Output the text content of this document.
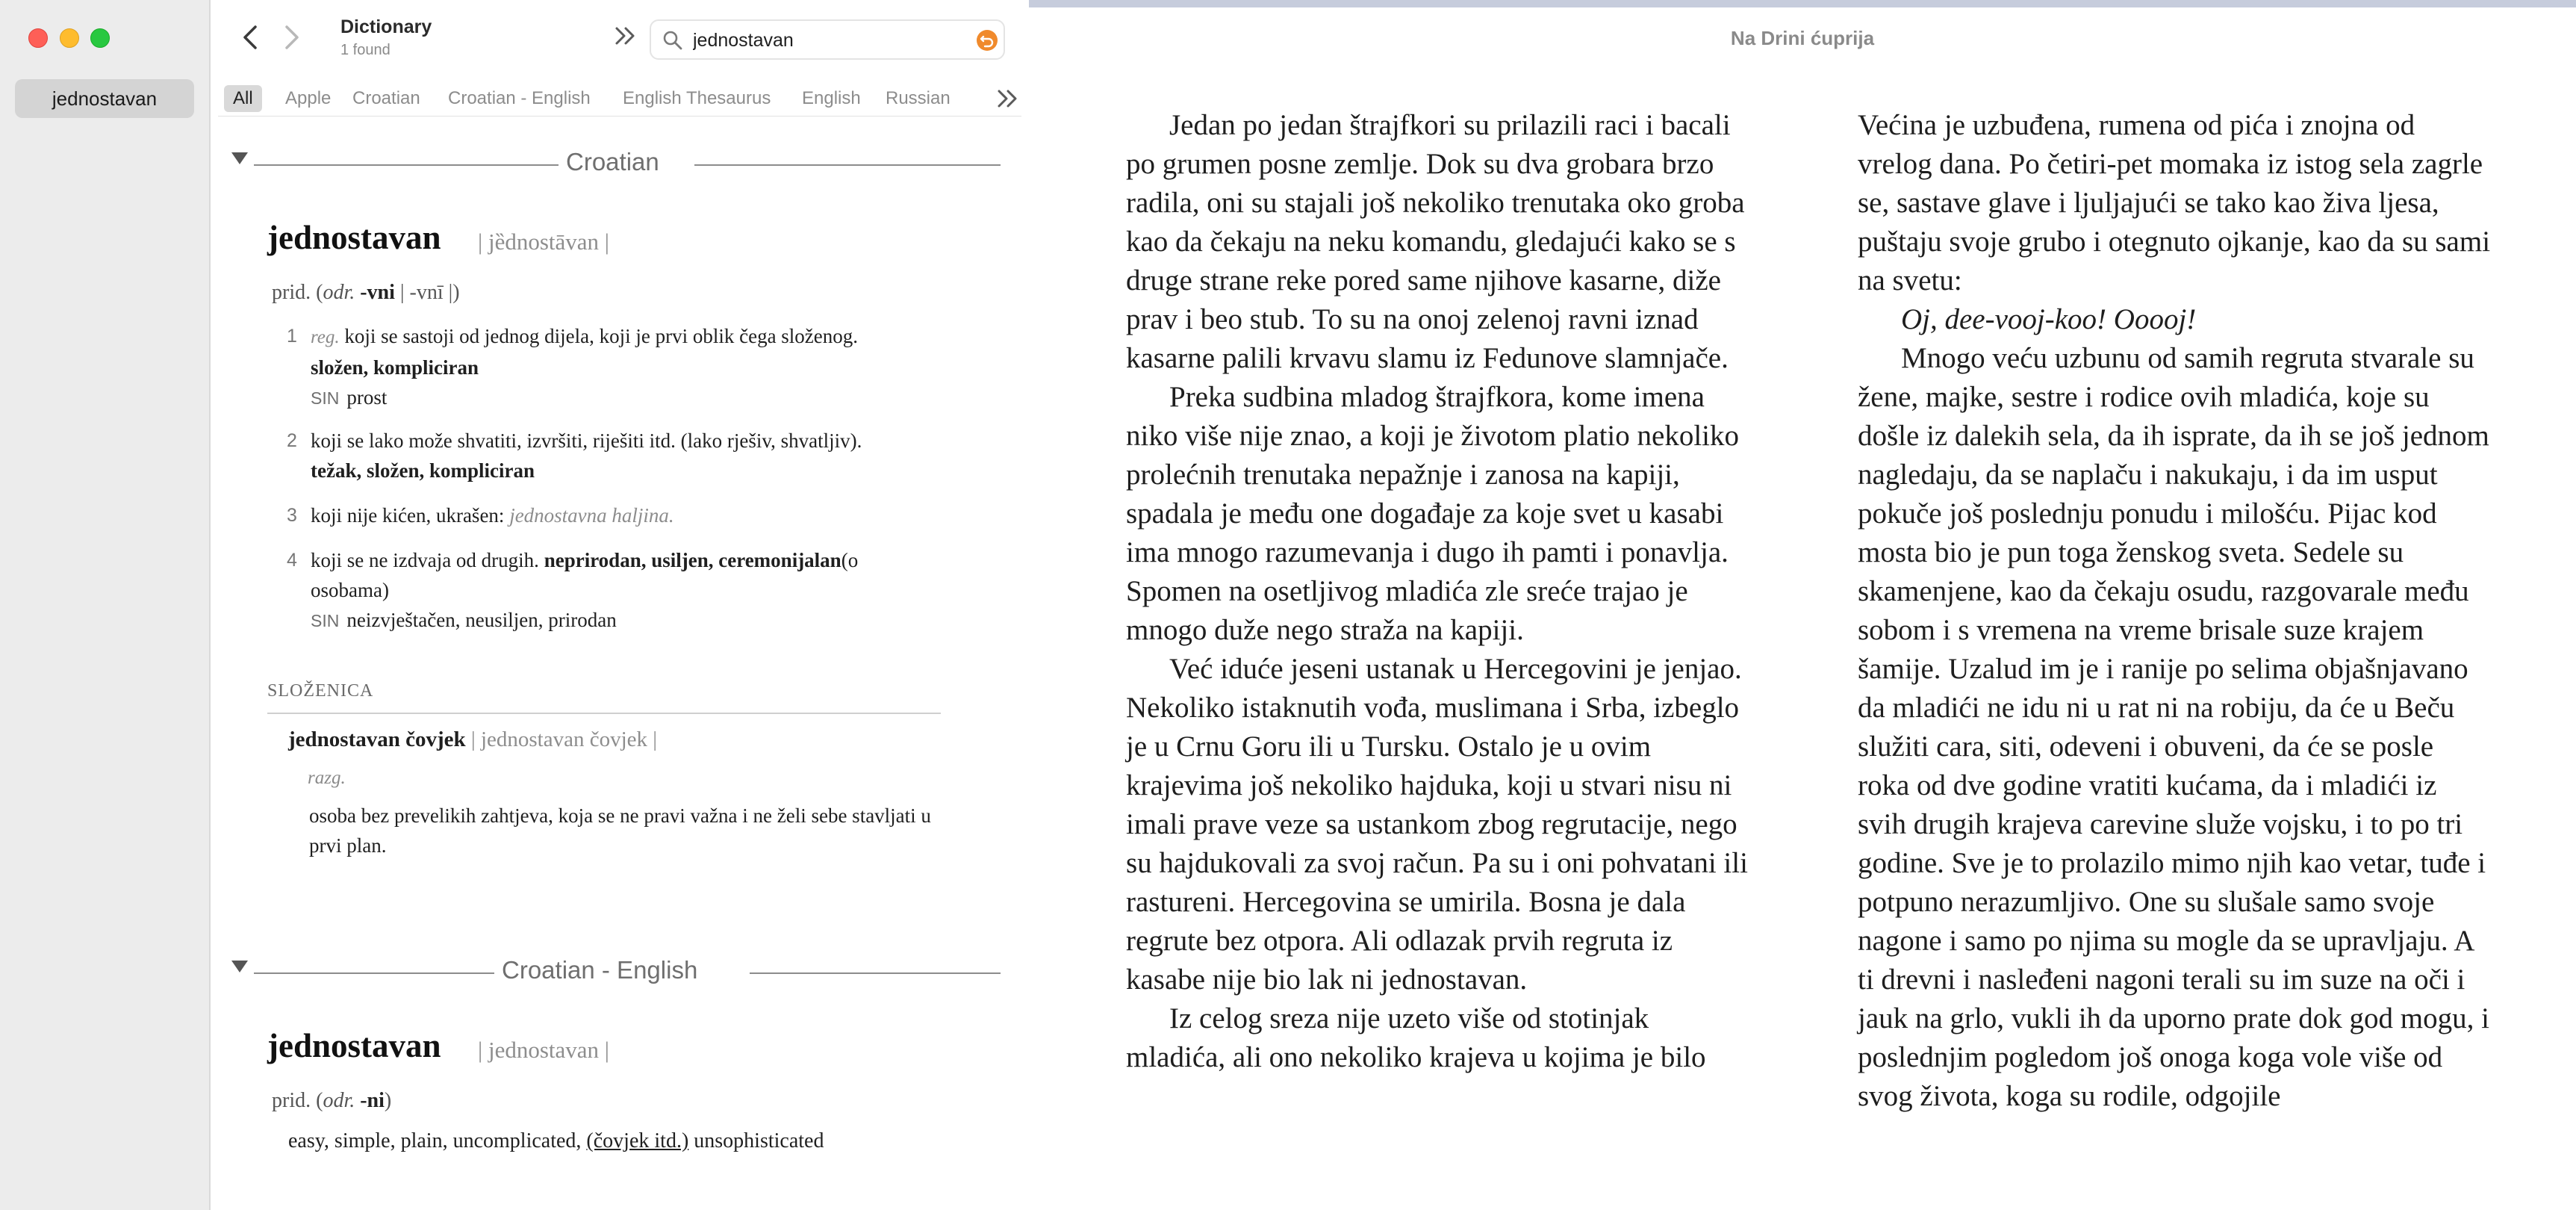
jednostavan
Dictionary
1 found
jednostavan
All	Apple Croatian Croatian - English English Thesaurus English Russian
Croatian
jednostavan | jȅdnostāvan |
prid. (odr. -vni | -vnī |)
1 reg. koji se sastoji od jednog dijela, koji je prvi oblik čega složenog. složen, kompliciran
SIN prost
2 koji se lako može shvatiti, izvršiti, riješiti itd. (lako rješiv, shvatljiv). težak, složen, kompliciran
3 koji nije kićen, ukrašen: jednostavna haljina.
4 koji se ne izdvaja od drugih. neprirodan, usiljen, ceremonijalan(o osobama)
SIN neizvještačen, neusiljen, prirodan
SLOŽENICA
jednostavan čovjek | jednostavan čovjek |
razg.
osoba bez prevelikih zahtjeva, koja se ne pravi važna i ne želi sebe stavljati u prvi plan.
Croatian - English
jednostavan | jednostavan |
prid. (odr. -ni)
easy, simple, plain, uncomplicated, (čovjek itd.) unsophisticated
Na Drini ćuprija

Jedan po jedan štrajfkori su prilazili raci i bacali po grumen posne zemlje. Dok su dva grobara brzo radila, oni su stajali još nekoliko trenutaka oko groba kao da čekaju na neku komandu, gledajući kako se s druge strane reke pored same njihove kasarne, diže prav i beo stub. To su na onoj zelenoj ravni iznad kasarne palili krvavu slamu iz Fedunove slamnjače.

Preka sudbina mladog štrajfkora, kome imena niko više nije znao, a koji je životom platio nekoliko prolećnih trenutaka nepažnje i zanosa na kapiji, spadala je među one događaje za koje svet u kasabi ima mnogo razumevanja i dugo ih pamti i ponavlja. Spomen na osetljivog mladića zle sreće trajao je mnogo duže nego straža na kapiji.

Već iduće jeseni ustanak u Hercegovini je jenjao. Nekoliko istaknutih vođa, muslimana i Srba, izbeglo je u Crnu Goru ili u Tursku. Ostalo je u ovim krajevima još nekoliko hajduka, koji u stvari nisu ni imali prave veze sa ustankom zbog regrutacije, nego su hajdukovali za svoj račun. Pa su i oni pohvatani ili rastureni. Hercegovina se umirila. Bosna je dala regrute bez otpora. Ali odlazak prvih regruta iz kasabe nije bio lak ni jednostavan.

Iz celog sreza nije uzeto više od stotinjak mladića, ali ono nekoliko krajeva u kojima je bilo

Većina je uzbuđena, rumena od pića i znojna od vrelog dana. Po četiri-pet momaka iz istog sela zagrle se, sastave glave i ljuljajući se tako kao živa ljesa, puštaju svoje grubo i otegnuto ojkanje, kao da su sami na svetu:

Oj, dee-vooj-koo! Ooooj!

Mnogo veću uzbunu od samih regruta stvarale su žene, majke, sestre i rodice ovih mladića, koje su došle iz dalekih sela, da ih isprate, da ih se još jednom nagledaju, da se naplaču i nakukaju, i da im usput pokuče još poslednju ponudu i milošću. Pijac kod mosta bio je pun toga ženskog sveta. Sedele su skamenjene, kao da čekaju osudu, razgovarale među sobom i s vremena na vreme brisale suze krajem šamije. Uzalud im je i ranije po selima objašnjavano da mladići ne idu ni u rat ni na robiju, da će u Beču služiti cara, siti, odeveni i obuveni, da će se posle roka od dve godine vratiti kućama, da i mladići iz svih drugih krajeva carevine služe vojsku, i to po tri godine. Sve je to prolazilo mimo njih kao vetar, tuđe i potpuno nerazumljivo. One su slušale samo svoje nagone i samo po njima su mogle da se upravljaju. A ti drevni i nasleđeni nagoni terali su im suze na oči i jauk na grlo, vukli ih da uporno prate dok god mogu, i poslednjim pogledom još onoga koga vole više od svog života, koga su rodile, odgojile
